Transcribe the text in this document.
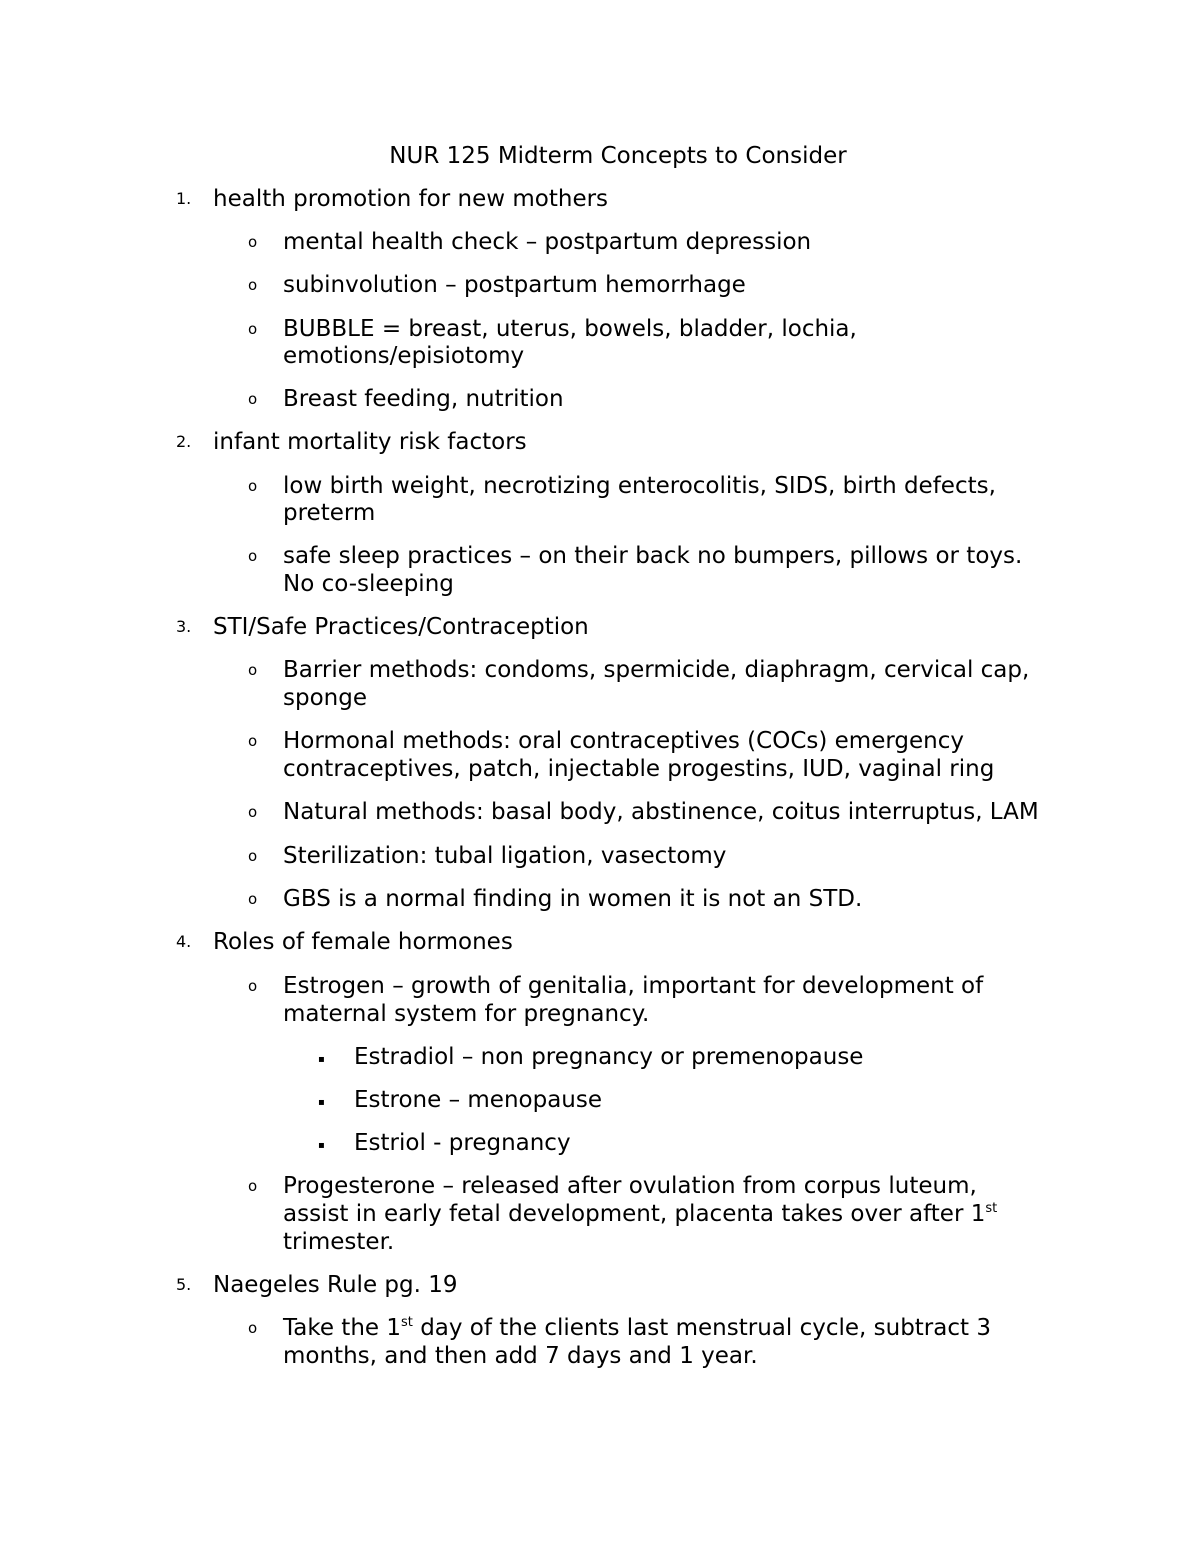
NUR 125 Midterm Concepts to Consider
1. health promotion for new mothers
o mental health check – postpartum depression
o subinvolution – postpartum hemorrhage
o BUBBLE = breast, uterus, bowels, bladder, lochia,
emotions/episiotomy
o Breast feeding, nutrition
2. infant mortality risk factors
o low birth weight, necrotizing enterocolitis, SIDS, birth defects,
preterm
o safe sleep practices – on their back no bumpers, pillows or toys.
No co-sleeping
3. STI/Safe Practices/Contraception
o Barrier methods: condoms, spermicide, diaphragm, cervical cap,
sponge
o Hormonal methods: oral contraceptives (COCs) emergency
contraceptives, patch, injectable progestins, IUD, vaginal ring
o Natural methods: basal body, abstinence, coitus interruptus, LAM
o Sterilization: tubal ligation, vasectomy
o GBS is a normal finding in women it is not an STD.
4. Roles of female hormones
o Estrogen – growth of genitalia, important for development of
maternal system for pregnancy.
▪ Estradiol – non pregnancy or premenopause
▪ Estrone – menopause
▪ Estriol - pregnancy
o Progesterone – released after ovulation from corpus luteum,
assist in early fetal development, placenta takes over after 1st
trimester.
5. Naegeles Rule pg. 19
o Take the 1st day of the clients last menstrual cycle, subtract 3
months, and then add 7 days and 1 year.
